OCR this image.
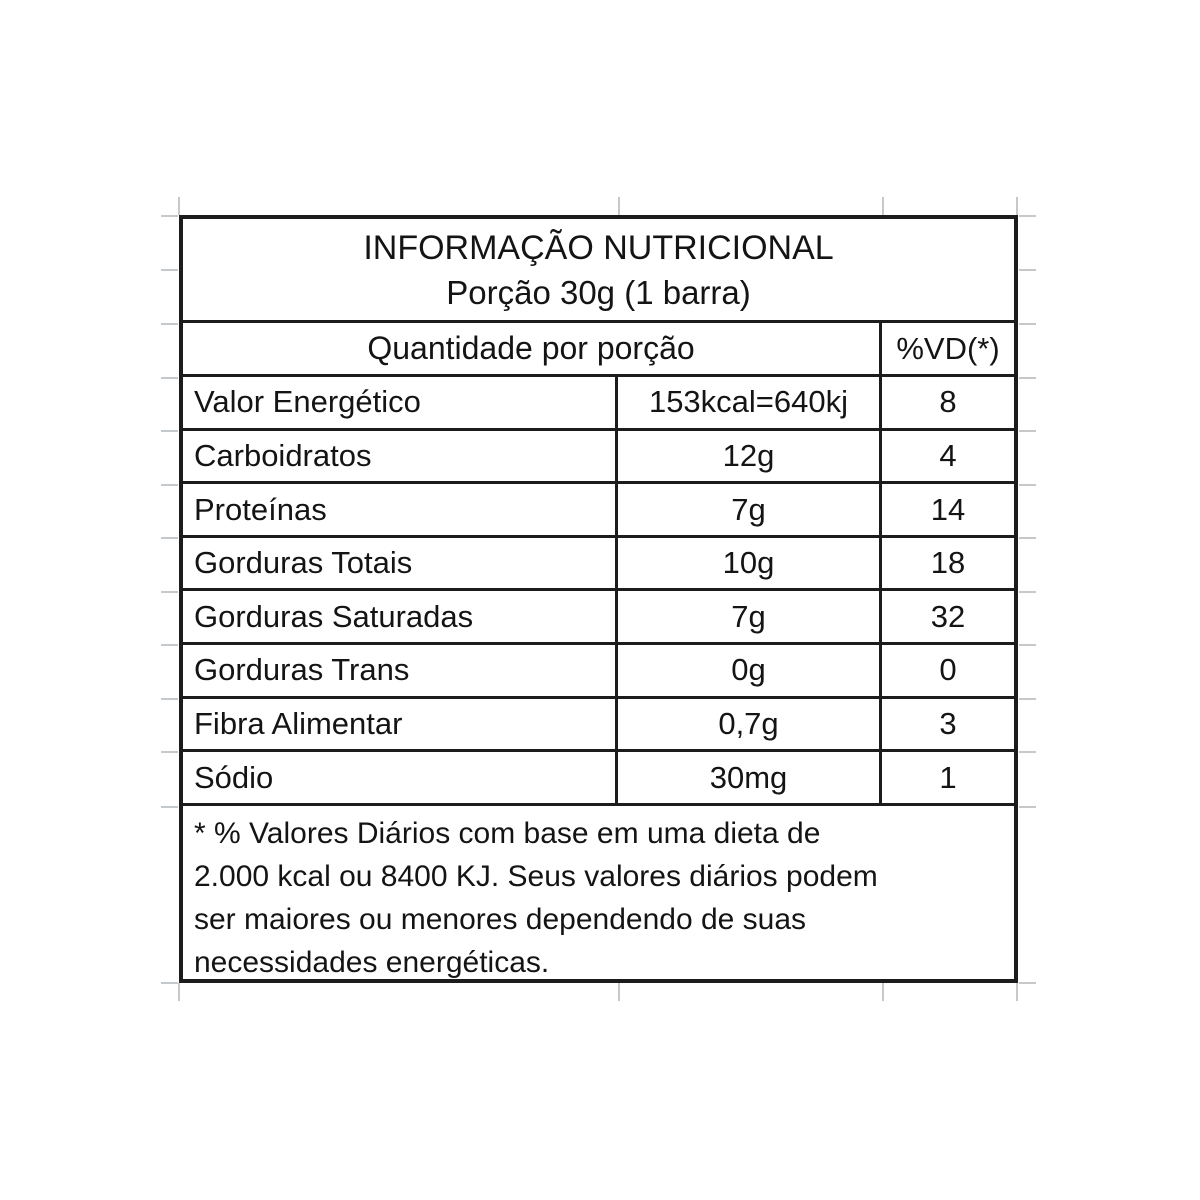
INFORMAÇÃO NUTRICIONAL
Porção 30g (1 barra)
Quantidade por porção	%VD(*)
Valor Energético	153kcal=640kj	8
Carboidratos	12g	4
Proteínas	7g	14
Gorduras Totais	10g	18
Gorduras Saturadas	7g	32
Gorduras Trans	0g	0
Fibra Alimentar	0,7g	3
Sódio	30mg	1
* % Valores Diários com base em uma dieta de
2.000 kcal ou 8400 KJ. Seus valores diários podem
ser maiores ou menores dependendo de suas
necessidades energéticas.
